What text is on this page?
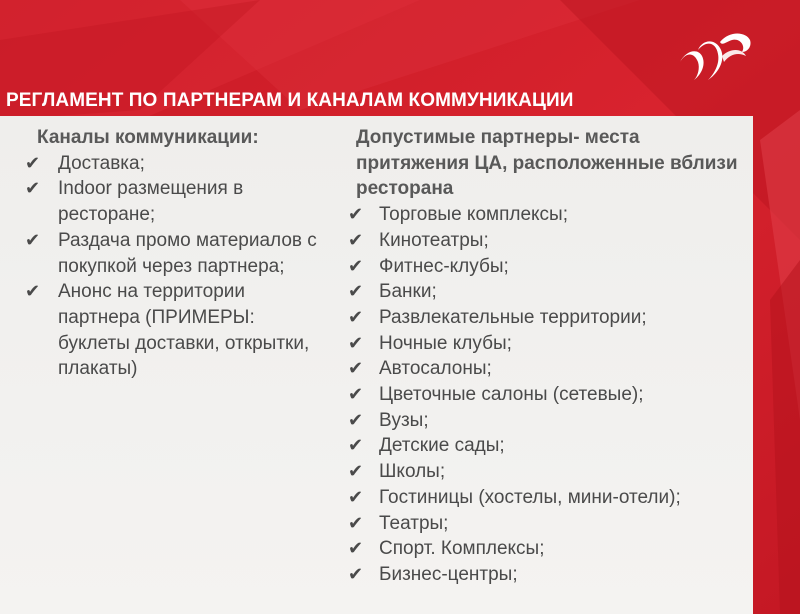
РЕГЛАМЕНТ ПО ПАРТНЕРАМ И КАНАЛАМ КОММУНИКАЦИИ
Каналы коммуникации:
✔ Доставка;
✔ Indoor размещения в ресторане;
✔ Раздача промо материалов с покупкой через партнера;
✔ Анонс на территории партнера (ПРИМЕРЫ: буклеты доставки, открытки, плакаты)
Допустимые партнеры- места притяжения ЦА, расположенные вблизи ресторана
✔ Торговые комплексы;
✔ Кинотеатры;
✔ Фитнес-клубы;
✔ Банки;
✔ Развлекательные территории;
✔ Ночные клубы;
✔ Автосалоны;
✔ Цветочные салоны (сетевые);
✔ Вузы;
✔ Детские сады;
✔ Школы;
✔ Гостиницы (хостелы, мини-отели);
✔ Театры;
✔ Спорт. Комплексы;
✔ Бизнес-центры;
